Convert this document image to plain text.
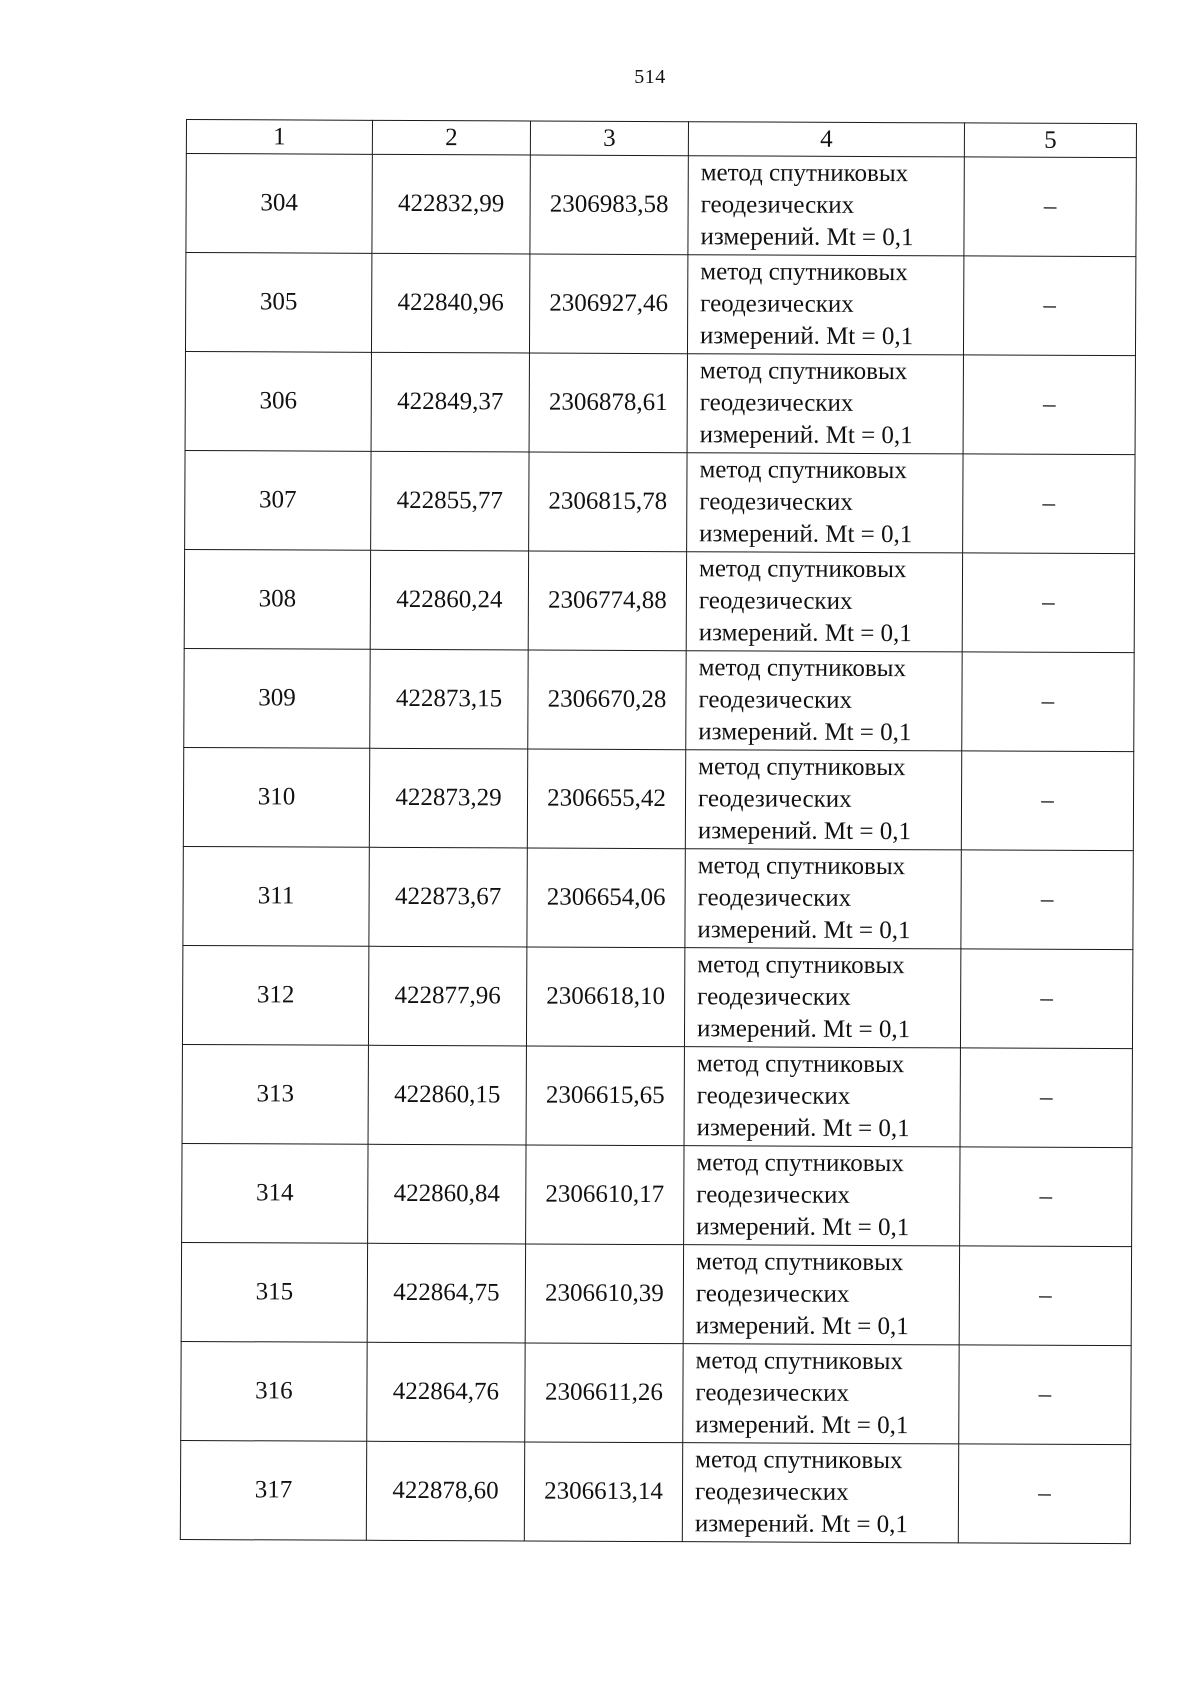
514
1	2	3	4	5
304	422832,99	2306983,58	метод спутниковых
геодезических
измерений. Mt = 0,1	–
305	422840,96	2306927,46	метод спутниковых
геодезических
измерений. Mt = 0,1	–
306	422849,37	2306878,61	метод спутниковых
геодезических
измерений. Mt = 0,1	–
307	422855,77	2306815,78	метод спутниковых
геодезических
измерений. Mt = 0,1	–
308	422860,24	2306774,88	метод спутниковых
геодезических
измерений. Mt = 0,1	–
309	422873,15	2306670,28	метод спутниковых
геодезических
измерений. Mt = 0,1	–
310	422873,29	2306655,42	метод спутниковых
геодезических
измерений. Mt = 0,1	–
311	422873,67	2306654,06	метод спутниковых
геодезических
измерений. Mt = 0,1	–
312	422877,96	2306618,10	метод спутниковых
геодезических
измерений. Mt = 0,1	–
313	422860,15	2306615,65	метод спутниковых
геодезических
измерений. Mt = 0,1	–
314	422860,84	2306610,17	метод спутниковых
геодезических
измерений. Mt = 0,1	–
315	422864,75	2306610,39	метод спутниковых
геодезических
измерений. Mt = 0,1	–
316	422864,76	2306611,26	метод спутниковых
геодезических
измерений. Mt = 0,1	–
317	422878,60	2306613,14	метод спутниковых
геодезических
измерений. Mt = 0,1	–
